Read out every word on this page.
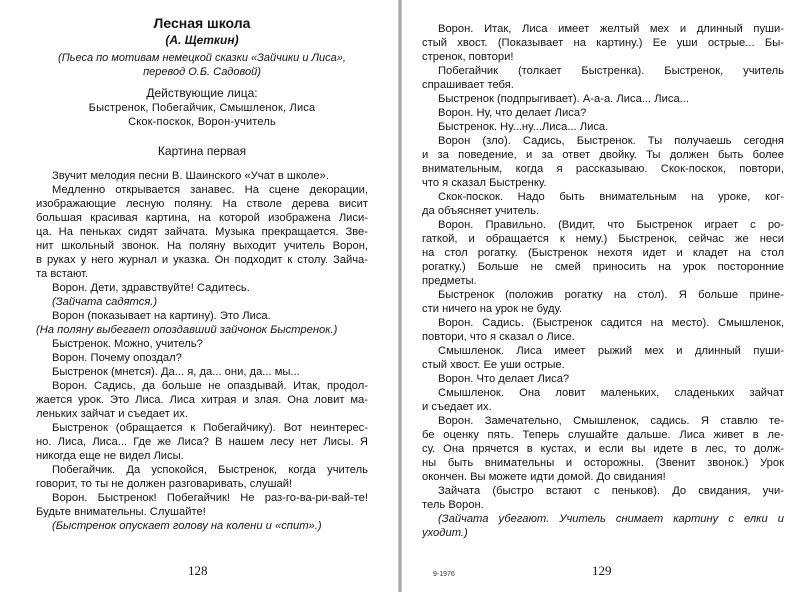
Лесная школа
(А. Щеткин)
(Пьеса по мотивам немецкой сказки «Зайчики и Лиса»,
перевод О.Б. Садовой)
Действующие лица:
Быстренок, Побегайчик, Смышленок, Лиса
Скок-поскок, Ворон-учитель
Картина первая
Звучит мелодия песни В. Шаинского «Учат в школе».
Медленно открывается занавес. На сцене декорации,
изображающие лесную поляну. На стволе дерева висит
большая красивая картина, на которой изображена Лиси-
ца. На пеньках сидят зайчата. Музыка прекращается. Зве-
нит школьный звонок. На поляну выходит учитель Ворон,
в руках у него журнал и указка. Он подходит к столу. Зайча-
та встают.
Ворон. Дети, здравствуйте! Садитесь.
(Зайчата садятся.)
Ворон (показывает на картину). Это Лиса.
(На поляну выбегает опоздавший зайчонок Быстренок.)
Быстренок. Можно, учитель?
Ворон. Почему опоздал?
Быстренок (мнется). Да... я, да... они, да... мы...
Ворон. Садись, да больше не опаздывай. Итак, продол-
жается урок. Это Лиса. Лиса хитрая и злая. Она ловит ма-
леньких зайчат и съедает их.
Быстренок (обращается к Побегайчику). Вот неинтерес-
но. Лиса, Лиса... Где же Лиса? В нашем лесу нет Лисы. Я
никогда еще не видел Лисы.
Побегайчик. Да успокойся, Быстренок, когда учитель
говорит, то ты не должен разговаривать, слушай!
Ворон. Быстренок! Побегайчик! Не раз-го-ва-ри-вай-те!
Будьте внимательны. Слушайте!
(Быстренок опускает голову на колени и «спит».)
Ворон. Итак, Лиса имеет желтый мех и длинный пуши-
стый хвост. (Показывает на картину.) Ее уши острые... Бы-
стренок, повтори!
Побегайчик (толкает Быстренка). Быстренок, учитель
спрашивает тебя.
Быстренок (подпрыгивает). А-а-а. Лиса... Лиса...
Ворон. Ну, что делает Лиса?
Быстренок. Ну...ну...Лиса... Лиса.
Ворон (зло). Садись, Быстренок. Ты получаешь сегодня
и за поведение, и за ответ двойку. Ты должен быть более
внимательным, когда я рассказываю. Скок-поскок, повтори,
что я сказал Быстренку.
Скок-поскок. Надо быть внимательным на уроке, ког-
да объясняет учитель.
Ворон. Правильно. (Видит, что Быстренок играет с ро-
гаткой, и обращается к нему.) Быстренок, сейчас же неси
на стол рогатку. (Быстренок нехотя идет и кладет на стол
рогатку.) Больше не смей приносить на урок посторонние
предметы.
Быстренок (положив рогатку на стол). Я больше прине-
сти ничего на урок не буду.
Ворон. Садись. (Быстренок садится на место). Смышленок,
повтори, что я сказал о Лисе.
Смышленок. Лиса имеет рыжий мех и длинный пуши-
стый хвост. Ее уши острые.
Ворон. Что делает Лиса?
Смышленок. Она ловит маленьких, сладеньких зайчат
и съедает их.
Ворон. Замечательно, Смышленок, садись. Я ставлю те-
бе оценку пять. Теперь слушайте дальше. Лиса живет в ле-
су. Она прячется в кустах, и если вы идете в лес, то долж-
ны быть внимательны и осторожны. (Звенит звонок.) Урок
окончен. Вы можете идти домой. До свидания!
Зайчата (быстро встают с пеньков). До свидания, учи-
тель Ворон.
(Зайчата убегают. Учитель снимает картину с елки и
уходит.)
128	129
9-1976
